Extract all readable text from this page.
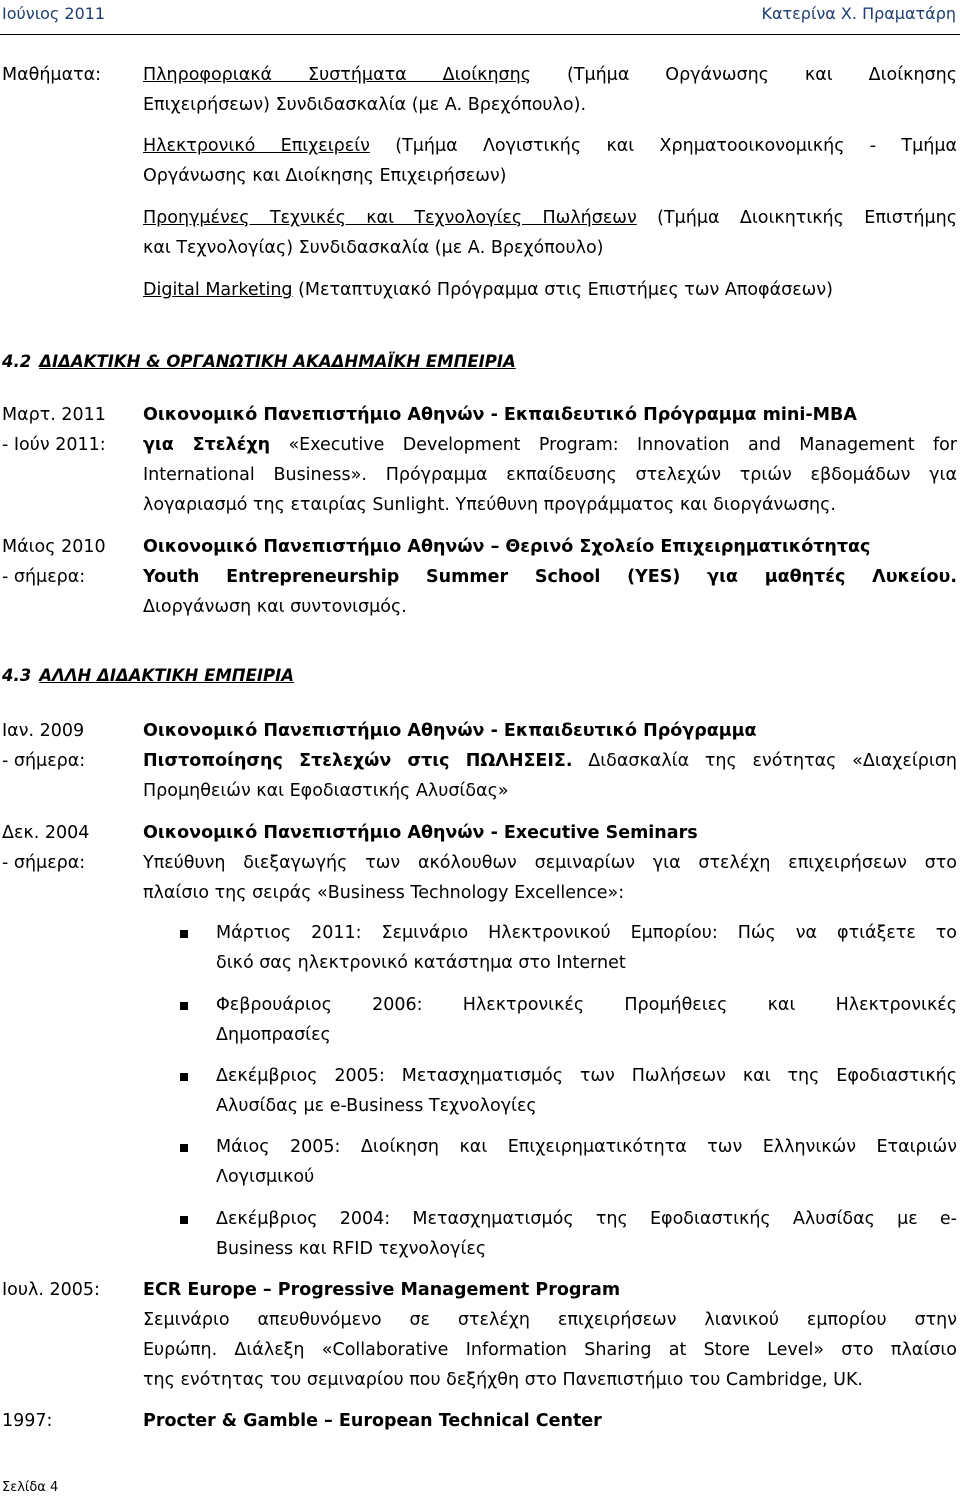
Ιούνιος 2011	Κατερίνα Χ. Πραματάρη
Μαθήματα: Πληροφοριακά Συστήματα Διοίκησης (Τμήμα Οργάνωσης και Διοίκησης
Επιχειρήσεων) Συνδιδασκαλία (με Α. Βρεχόπουλο).
Ηλεκτρονικό Επιχειρείν (Τμήμα Λογιστικής και Χρηματοοικονομικής - Τμήμα
Οργάνωσης και Διοίκησης Επιχειρήσεων)
Προηγμένες Τεχνικές και Τεχνολογίες Πωλήσεων (Τμήμα Διοικητικής Επιστήμης
και Τεχνολογίας) Συνδιδασκαλία (με Α. Βρεχόπουλο)
Digital Marketing (Μεταπτυχιακό Πρόγραμμα στις Επιστήμες των Αποφάσεων)
4.2 ΔΙΔΑΚΤΙΚΗ & ΟΡΓΑΝΩΤΙΚΗ ΑΚΑΔΗΜΑΪΚΗ ΕΜΠΕΙΡΙΑ
Μαρτ. 2011
- Ιούν 2011:
Οικονομικό Πανεπιστήμιο Αθηνών - Εκπαιδευτικό Πρόγραμμα mini-MBA
για Στελέχη «Executive Development Program: Innovation and Management for
International Business». Πρόγραμμα εκπαίδευσης στελεχών τριών εβδομάδων για
λογαριασμό της εταιρίας Sunlight. Υπεύθυνη προγράμματος και διοργάνωσης.
Μάιος 2010
- σήμερα:
Οικονομικό Πανεπιστήμιο Αθηνών – Θερινό Σχολείο Επιχειρηματικότητας
Youth Entrepreneurship Summer School (YES) για μαθητές Λυκείου.
Διοργάνωση και συντονισμός.
4.3 ΑΛΛΗ ΔΙΔΑΚΤΙΚΗ ΕΜΠΕΙΡΙΑ
Ιαν. 2009
- σήμερα:
Οικονομικό Πανεπιστήμιο Αθηνών - Εκπαιδευτικό Πρόγραμμα
Πιστοποίησης Στελεχών στις ΠΩΛΗΣΕΙΣ. Διδασκαλία της ενότητας «Διαχείριση
Προμηθειών και Εφοδιαστικής Αλυσίδας»
Δεκ. 2004
- σήμερα:
Οικονομικό Πανεπιστήμιο Αθηνών - Executive Seminars
Υπεύθυνη διεξαγωγής των ακόλουθων σεμιναρίων για στελέχη επιχειρήσεων στο
πλαίσιο της σειράς «Business Technology Excellence»:
Μάρτιος 2011: Σεμινάριο Ηλεκτρονικού Εμπορίου: Πώς να φτιάξετε το
δικό σας ηλεκτρονικό κατάστημα στο Internet
Φεβρουάριος 2006: Ηλεκτρονικές Προμήθειες και Ηλεκτρονικές
Δημοπρασίες
Δεκέμβριος 2005: Μετασχηματισμός των Πωλήσεων και της Εφοδιαστικής
Αλυσίδας με e-Business Τεχνολογίες
Μάιος 2005: Διοίκηση και Επιχειρηματικότητα των Ελληνικών Εταιριών
Λογισμικού
Δεκέμβριος 2004: Μετασχηματισμός της Εφοδιαστικής Αλυσίδας με e-
Business και RFID τεχνολογίες
Ιουλ. 2005: ECR Europe – Progressive Management Program
Σεμινάριο απευθυνόμενο σε στελέχη επιχειρήσεων λιανικού εμπορίου στην
Ευρώπη. Διάλεξη «Collaborative Information Sharing at Store Level» στο πλαίσιο
της ενότητας του σεμιναρίου που δεξήχθη στο Πανεπιστήμιο του Cambridge, UK.
1997:	Procter & Gamble – European Technical Center
Σελίδα 4
